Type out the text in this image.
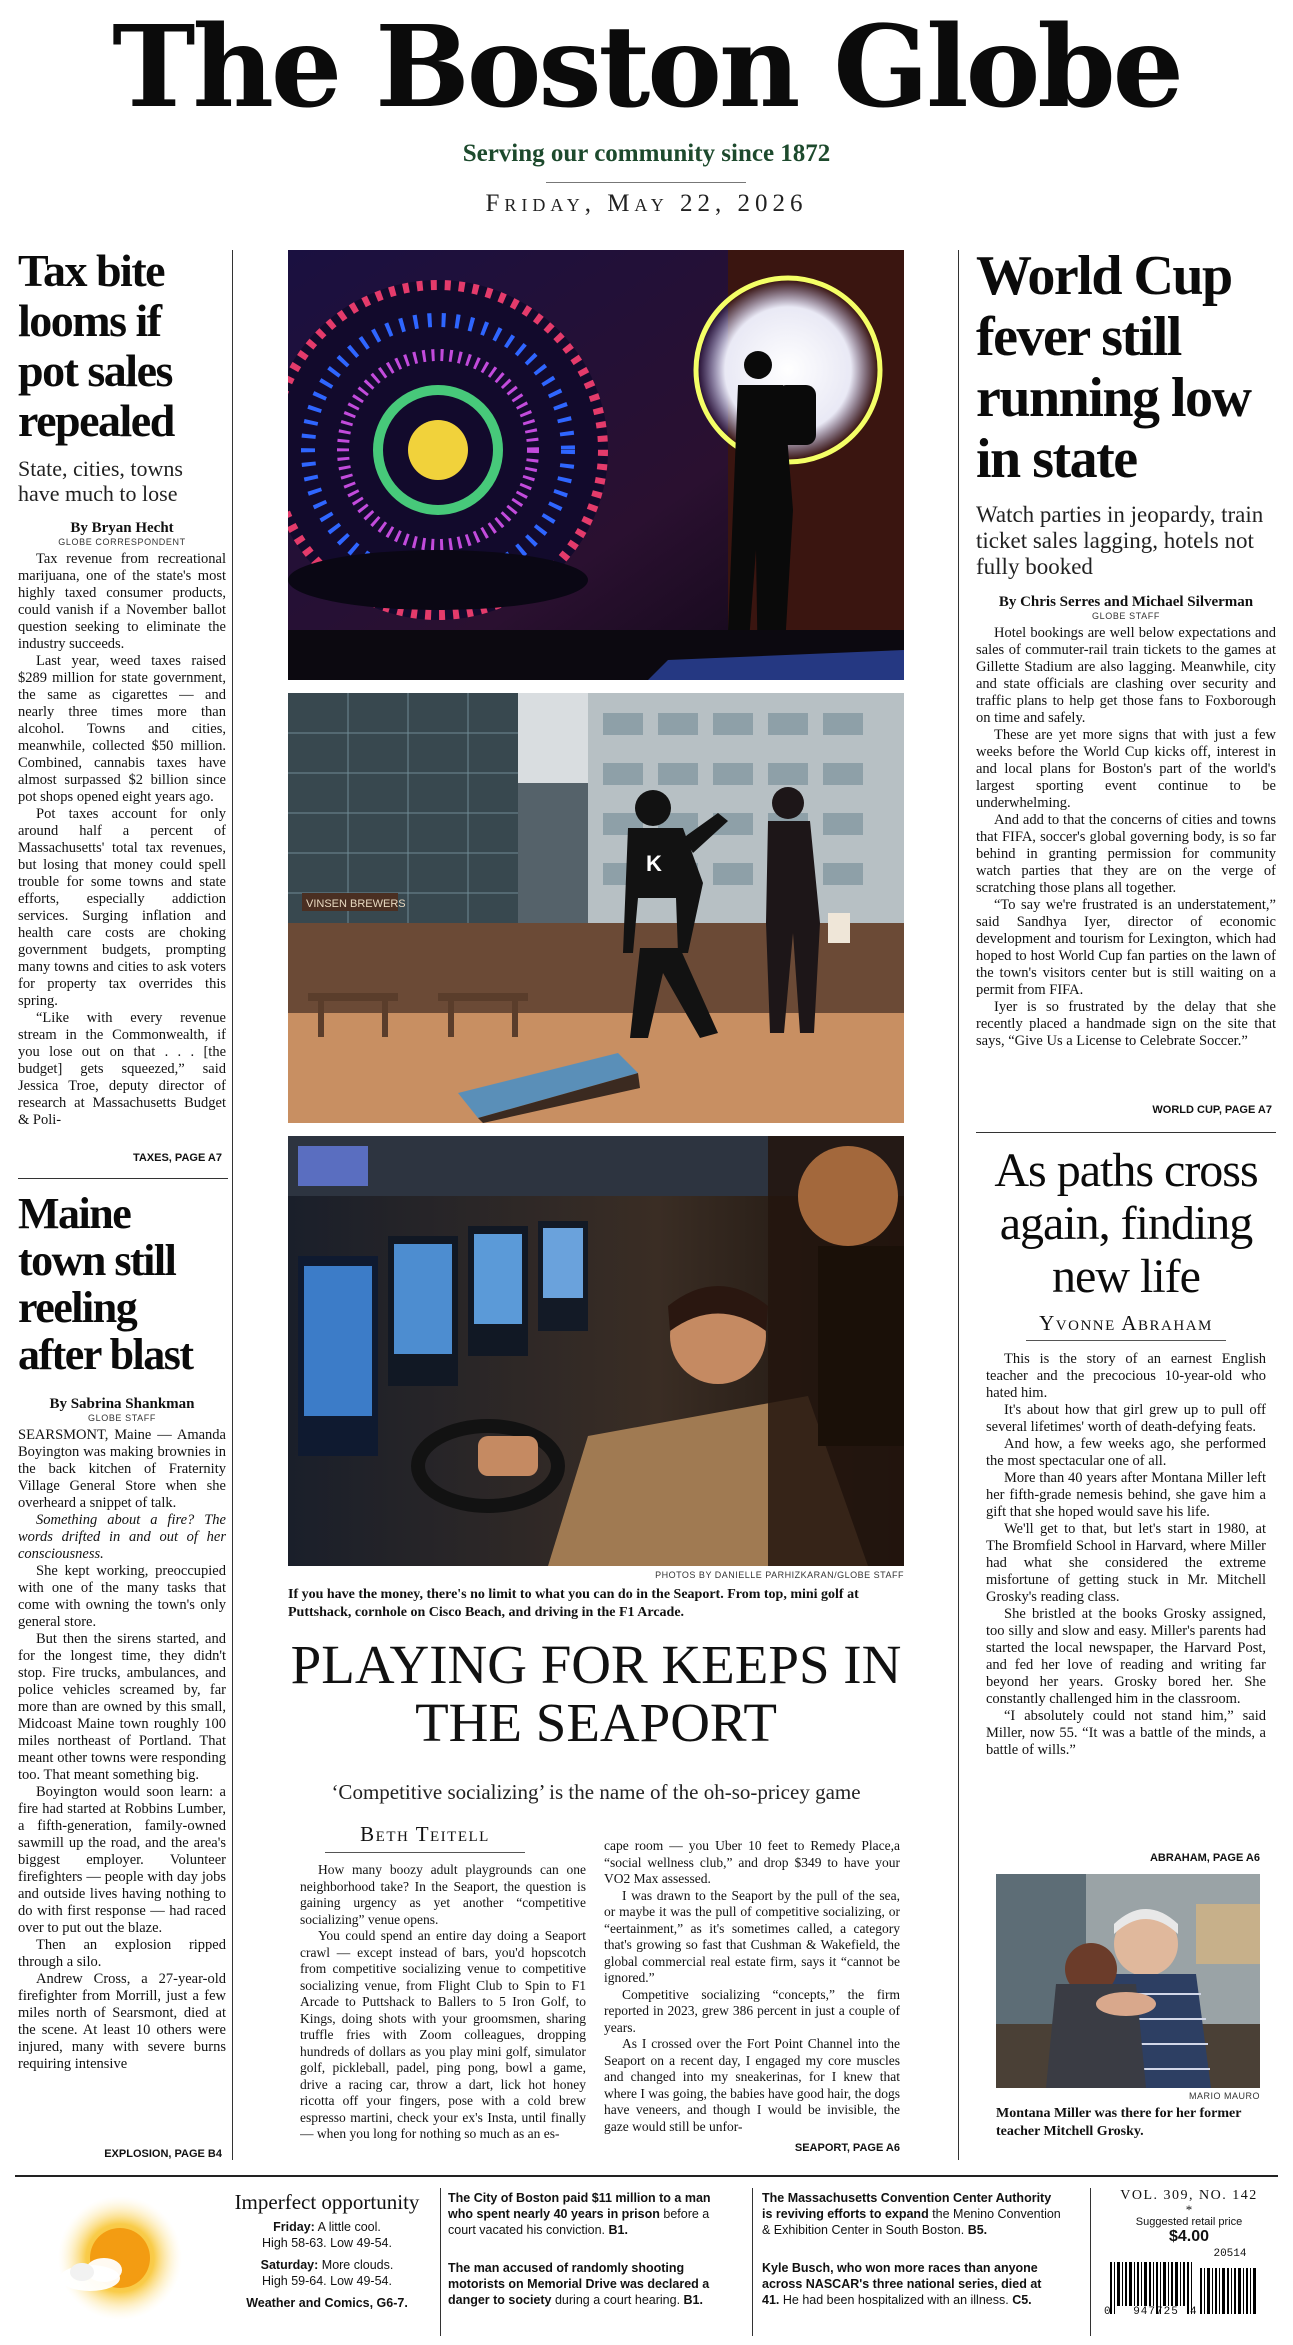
The Boston Globe
Serving our community since 1872
Friday, May 22, 2026
Tax bite looms if pot sales repealed
State, cities, towns have much to lose
By Bryan Hecht
GLOBE CORRESPONDENT

Tax revenue from recreational marijuana, one of the state's most highly taxed consumer products, could vanish if a November ballot question seeking to eliminate the industry succeeds.

Last year, weed taxes raised $289 million for state government, the same as cigarettes — and nearly three times more than alcohol. Towns and cities, meanwhile, collected $50 million. Combined, cannabis taxes have almost surpassed $2 billion since pot shops opened eight years ago.

Pot taxes account for only around half a percent of Massachusetts' total tax revenues, but losing that money could spell trouble for some towns and state efforts, especially addiction services. Surging inflation and health care costs are choking government budgets, prompting many towns and cities to ask voters for property tax overrides this spring.

“Like with every revenue stream in the Commonwealth, if you lose out on that . . . [the budget] gets squeezed,” said Jessica Troe, deputy director of research at Massachusetts Budget & Poli-

TAXES, PAGE A7
Maine town still reeling after blast
By Sabrina Shankman
GLOBE STAFF

SEARSMONT, Maine — Amanda Boyington was making brownies in the back kitchen of Fraternity Village General Store when she overheard a snippet of talk.

Something about a fire? The words drifted in and out of her consciousness.

She kept working, preoccupied with one of the many tasks that come with owning the town's only general store.

But then the sirens started, and for the longest time, they didn't stop. Fire trucks, ambulances, and police vehicles screamed by, far more than are owned by this small, Midcoast Maine town roughly 100 miles northeast of Portland. That meant other towns were responding too. That meant something big.

Boyington would soon learn: a fire had started at Robbins Lumber, a fifth-generation, family-owned sawmill up the road, and the area's biggest employer. Volunteer firefighters — people with day jobs and outside lives having nothing to do with first response — had raced over to put out the blaze.

Then an explosion ripped through a silo.

Andrew Cross, a 27-year-old firefighter from Morrill, just a few miles north of Searsmont, died at the scene. At least 10 others were injured, many with severe burns requiring intensive

EXPLOSION, PAGE B4
VINSEN BREWERS
K
PHOTOS BY DANIELLE PARHIZKARAN/GLOBE STAFF
If you have the money, there's no limit to what you can do in the Seaport. From top, mini golf at Puttshack, cornhole on Cisco Beach, and driving in the F1 Arcade.
PLAYING FOR KEEPS IN THE SEAPORT
‘Competitive socializing’ is the name of the oh-so-pricey game
Beth Teitell

How many boozy adult playgrounds can one neighborhood take? In the Seaport, the question is gaining urgency as yet another “competitive socializing” venue opens.

You could spend an entire day doing a Seaport crawl — except instead of bars, you'd hopscotch from competitive socializing venue to competitive socializing venue, from Flight Club to Spin to F1 Arcade to Puttshack to Ballers to 5 Iron Golf, to Kings, doing shots with your groomsmen, sharing truffle fries with Zoom colleagues, dropping hundreds of dollars as you play mini golf, simulator golf, pickleball, padel, ping pong, bowl a game, drive a racing car, throw a dart, lick hot honey ricotta off your fingers, pose with a cold brew espresso martini, check your ex's Insta, until finally — when you long for nothing so much as an es-

cape room — you Uber 10 feet to Remedy Place,a “social wellness club,” and drop $349 to have your VO2 Max assessed.

I was drawn to the Seaport by the pull of the sea, or maybe it was the pull of competitive socializing, or “eertainment,” as it's sometimes called, a category that's growing so fast that Cushman & Wakefield, the global commercial real estate firm, says it “cannot be ignored.”

Competitive socializing “concepts,” the firm reported in 2023, grew 386 percent in just a couple of years.

As I crossed over the Fort Point Channel into the Seaport on a recent day, I engaged my core muscles and changed into my sneakerinas, for I knew that where I was going, the babies have good hair, the dogs have veneers, and though I would be invisible, the gaze would still be unfor-

SEAPORT, PAGE A6
World Cup fever still running low in state
Watch parties in jeopardy, train ticket sales lagging, hotels not fully booked
By Chris Serres and Michael Silverman
GLOBE STAFF

Hotel bookings are well below expectations and sales of commuter-rail train tickets to the games at Gillette Stadium are also lagging. Meanwhile, city and state officials are clashing over security and traffic plans to help get those fans to Foxborough on time and safely.

These are yet more signs that with just a few weeks before the World Cup kicks off, interest in and local plans for Boston's part of the world's largest sporting event continue to be underwhelming.

And add to that the concerns of cities and towns that FIFA, soccer's global governing body, is so far behind in granting permission for community watch parties that they are on the verge of scratching those plans all together.

“To say we're frustrated is an understatement,” said Sandhya Iyer, director of economic development and tourism for Lexington, which had hoped to host World Cup fan parties on the lawn of the town's visitors center but is still waiting on a permit from FIFA.

Iyer is so frustrated by the delay that she recently placed a handmade sign on the site that says, “Give Us a License to Celebrate Soccer.”

WORLD CUP, PAGE A7
As paths cross again, finding new life
Yvonne Abraham

This is the story of an earnest English teacher and the precocious 10-year-old who hated him.

It's about how that girl grew up to pull off several lifetimes' worth of death-defying feats.

And how, a few weeks ago, she performed the most spectacular one of all.

More than 40 years after Montana Miller left her fifth-grade nemesis behind, she gave him a gift that she hoped would save his life.

We'll get to that, but let's start in 1980, at The Bromfield School in Harvard, where Miller had what she considered the extreme misfortune of getting stuck in Mr. Mitchell Grosky's reading class.

She bristled at the books Grosky assigned, too silly and slow and easy. Miller's parents had started the local newspaper, the Harvard Post, and fed her love of reading and writing far beyond her years. Grosky bored her. She constantly challenged him in the classroom.

“I absolutely could not stand him,” said Miller, now 55. “It was a battle of the minds, a battle of wills.”

ABRAHAM, PAGE A6
MARIO MAURO
Montana Miller was there for her former teacher Mitchell Grosky.
Imperfect opportunity
Friday: A little cool.
High 58-63. Low 49-54.
Saturday: More clouds.
High 59-64. Low 49-54.
Weather and Comics, G6-7.
The City of Boston paid $11 million to a man who spent nearly 40 years in prison before a court vacated his conviction. B1.
The man accused of randomly shooting motorists on Memorial Drive was declared a danger to society during a court hearing. B1.
The Massachusetts Convention Center Authority is reviving efforts to expand the Menino Convention & Exhibition Center in South Boston. B5.
Kyle Busch, who won more races than anyone across NASCAR's three national series, died at 41. He had been hospitalized with an illness. C5.
VOL. 309, NO. 142
*
Suggested retail price
$4.00
20514
0	947725	4
